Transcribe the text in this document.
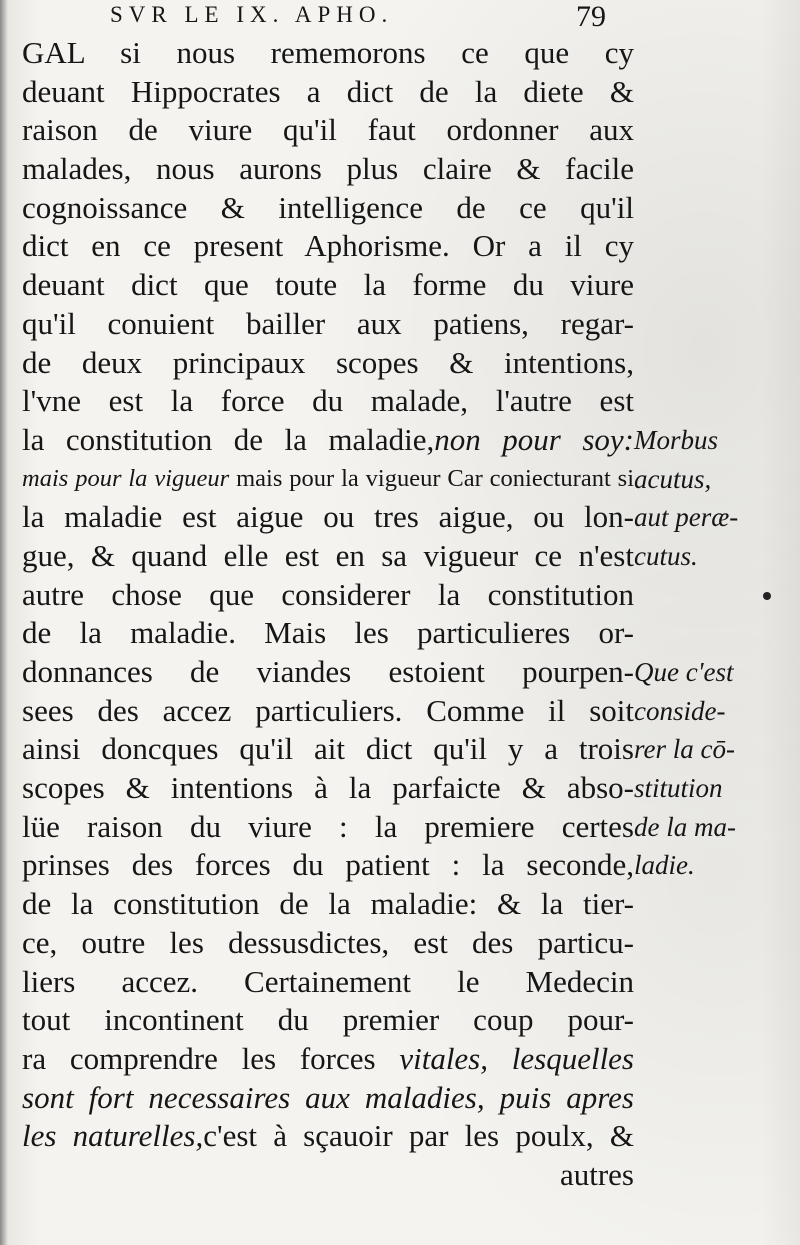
SVR LE IX. APHO.	79
GAL si nous rememorons ce que cy
deuant Hippocrates a dict de la diete &
raison de viure qu'il faut ordonner aux
malades, nous aurons plus claire & facile
cognoissance & intelligence de ce qu'il
dict en ce present Aphorisme. Or a il cy
deuant dict que toute la forme du viure
qu'il conuient bailler aux patiens, regar-
de deux principaux scopes & intentions,
l'vne est la force du malade, l'autre est
la constitution de la maladie,non pour soy:
mais pour la vigueur mais pour la vigueur Car coniecturant si
la maladie est aigue ou tres aigue, ou lon-
gue, & quand elle est en sa vigueur ce n'est
autre chose que considerer la constitution
de la maladie. Mais les particulieres or-
donnances de viandes estoient pourpen-
sees des accez particuliers. Comme il soit
ainsi doncques qu'il ait dict qu'il y a trois
scopes & intentions à la parfaicte & abso-
lüe raison du viure : la premiere certes
prinses des forces du patient : la seconde,
de la constitution de la maladie: & la tier-
ce, outre les dessusdictes, est des particu-
liers accez. Certainement le Medecin
tout incontinent du premier coup pour-
ra comprendre les forces vitales, lesquelles
sont fort necessaires aux maladies, puis apres
les naturelles,c'est à sçauoir par les poulx, &
autres
Morbus
acutus,
aut peræ-
cutus.
Que c'est
conside-
rer la cō-
stitution
de la ma-
ladie.
